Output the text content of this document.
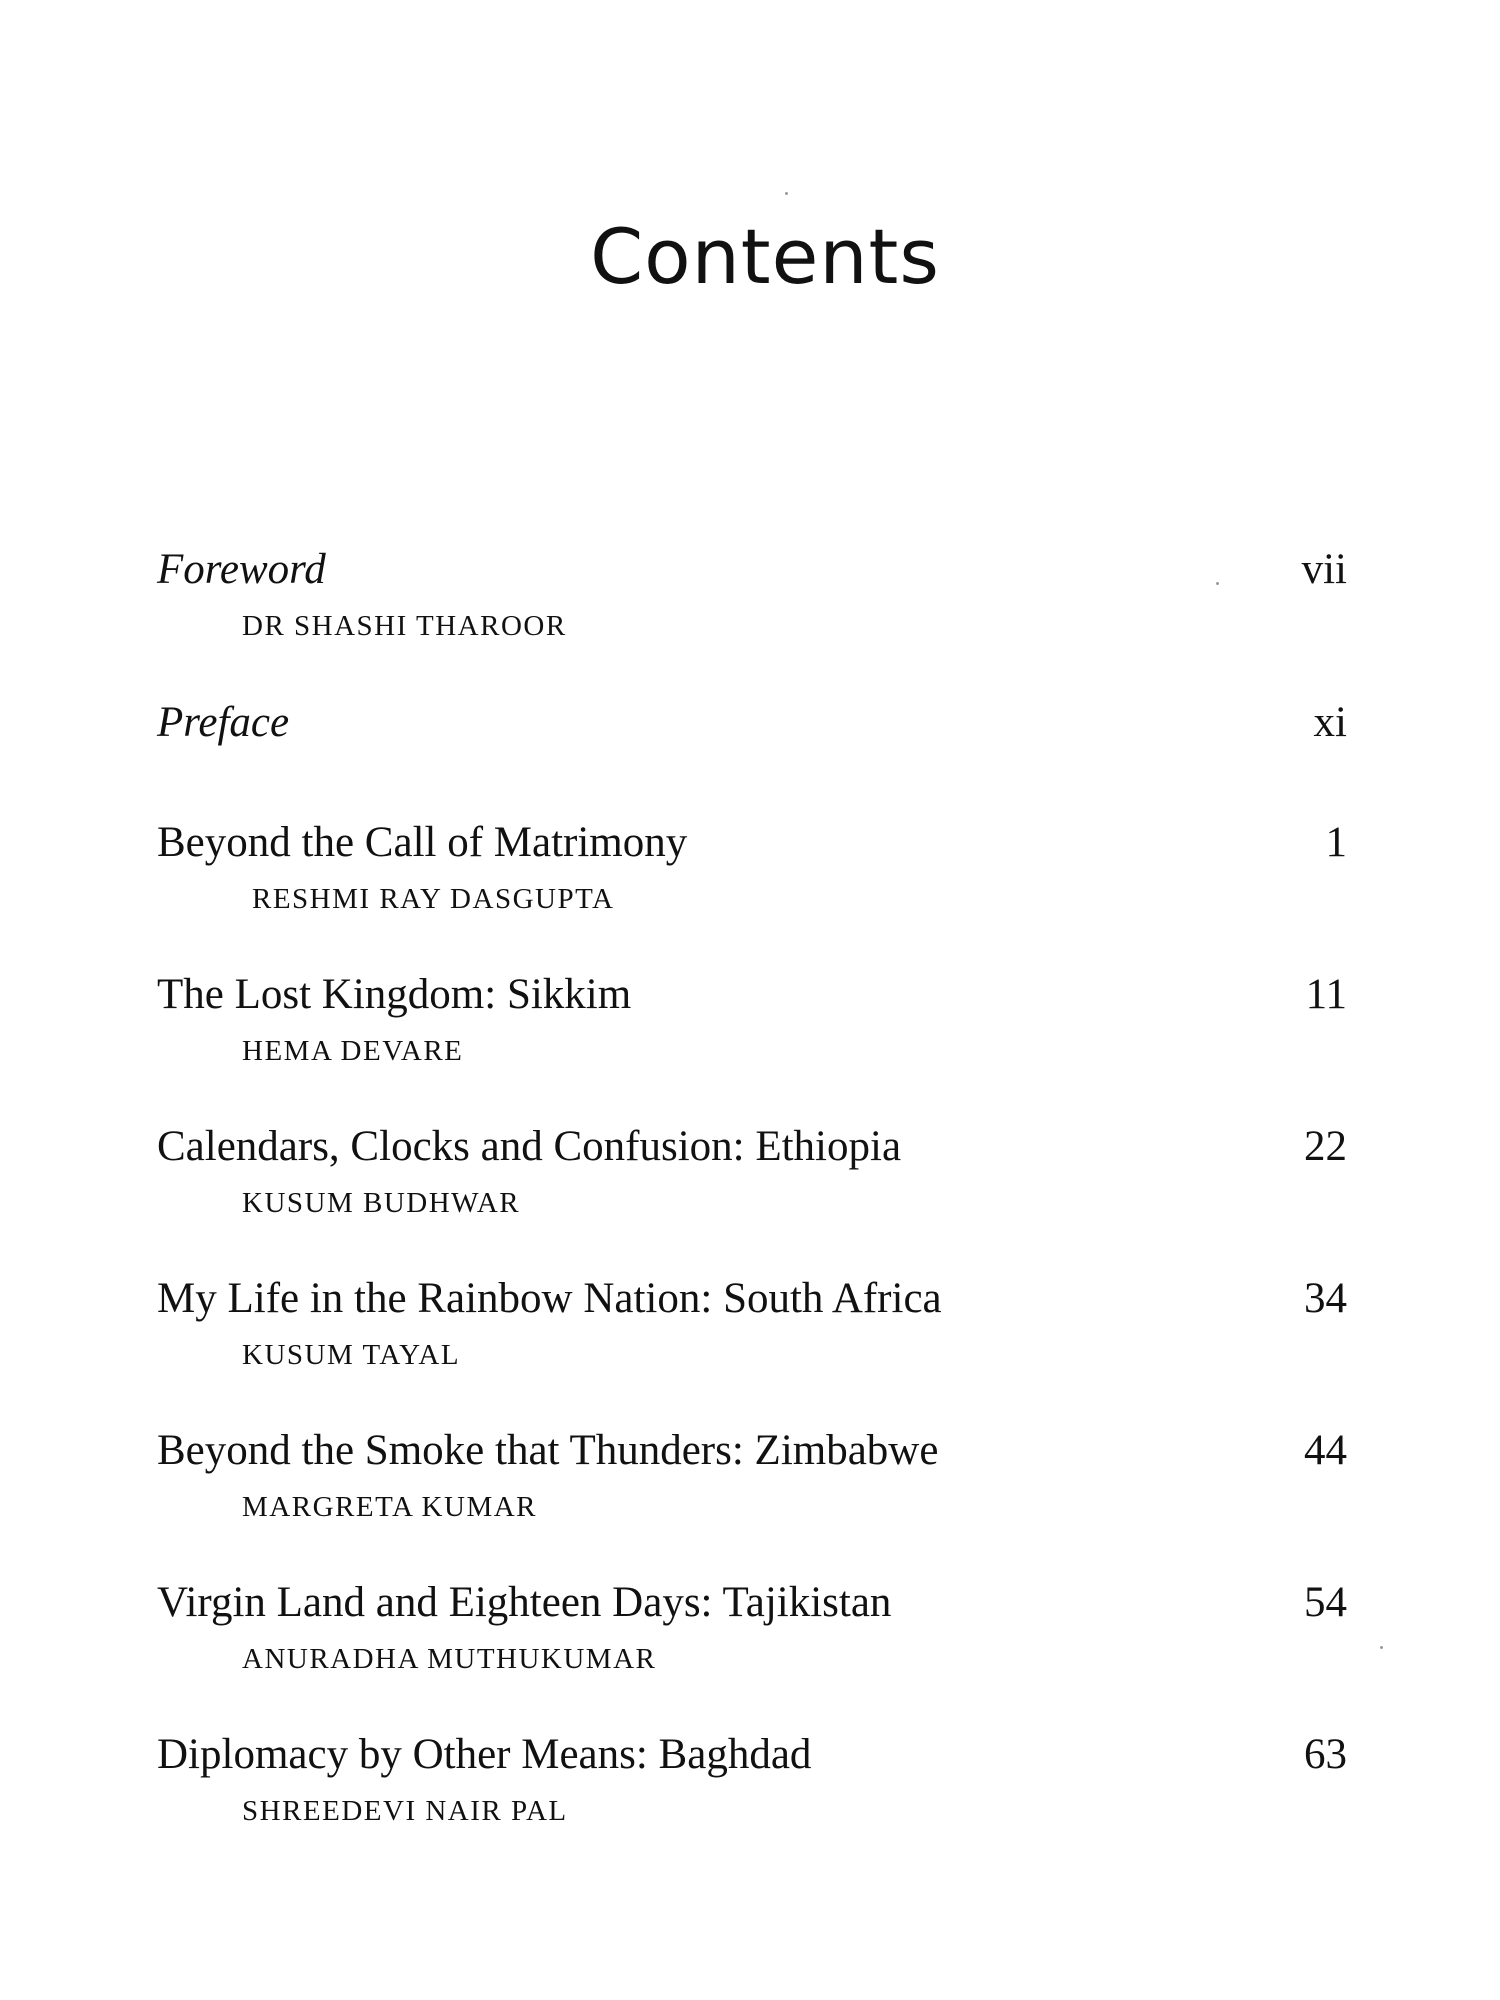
Contents
Foreword	vii
DR SHASHI THAROOR
Preface	xi
Beyond the Call of Matrimony	1
RESHMI RAY DASGUPTA
The Lost Kingdom: Sikkim	11
HEMA DEVARE
Calendars, Clocks and Confusion: Ethiopia	22
KUSUM BUDHWAR
My Life in the Rainbow Nation: South Africa	34
KUSUM TAYAL
Beyond the Smoke that Thunders: Zimbabwe	44
MARGRETA KUMAR
Virgin Land and Eighteen Days: Tajikistan	54
ANURADHA MUTHUKUMAR
Diplomacy by Other Means: Baghdad	63
SHREEDEVI NAIR PAL
